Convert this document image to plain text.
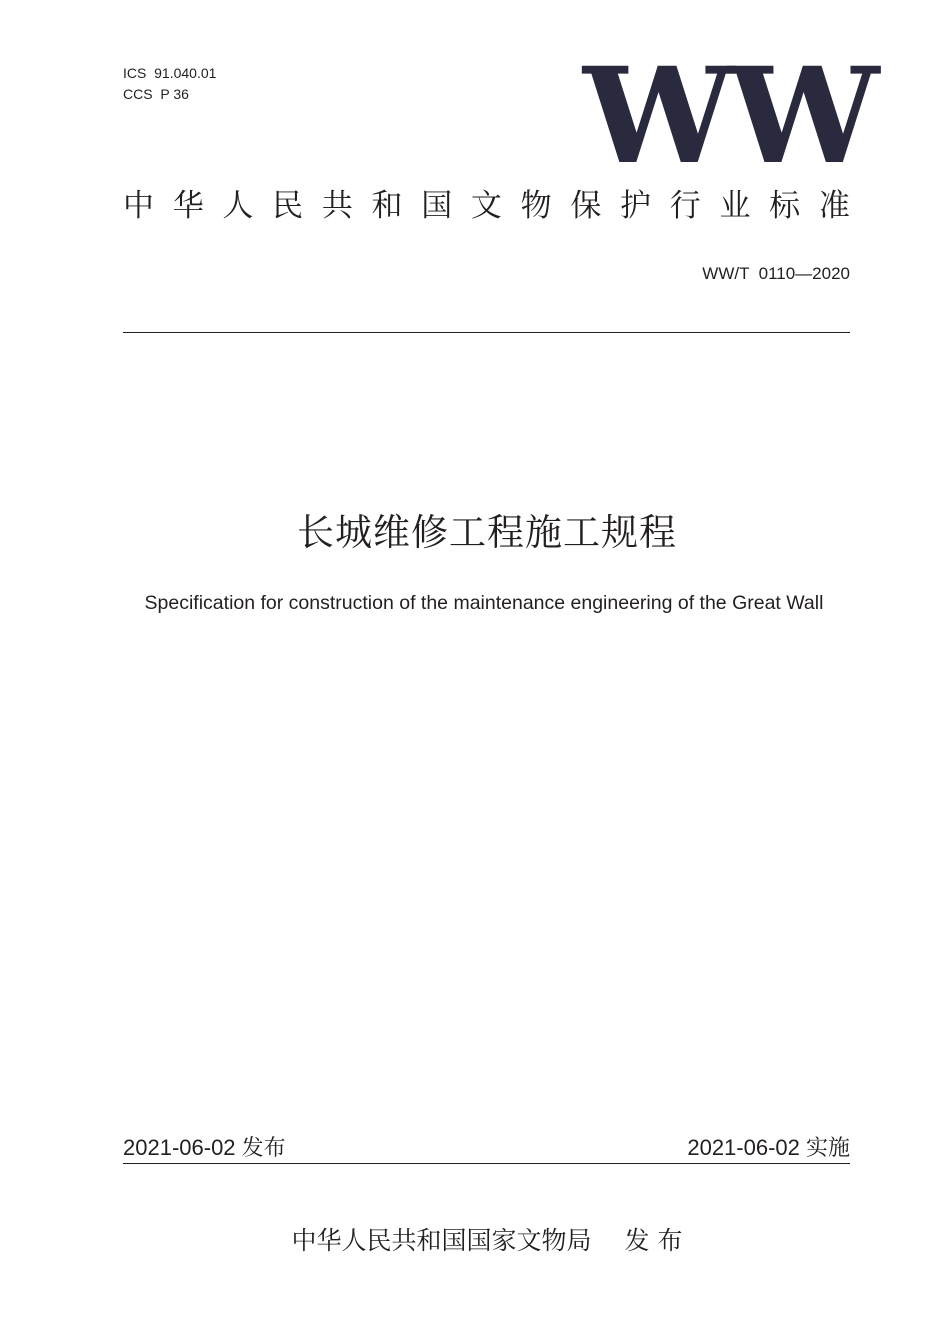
ICS  91.040.01
CCS  P 36	WW
中 华 人 民 共 和 国 文 物 保 护 行 业 标 准
WW/T  0110—2020
长城维修工程施工规程
Specification for construction of the maintenance engineering of the Great Wall
2021-06-02 发布	2021-06-02 实施
中华人民共和国国家文物局　 发 布
